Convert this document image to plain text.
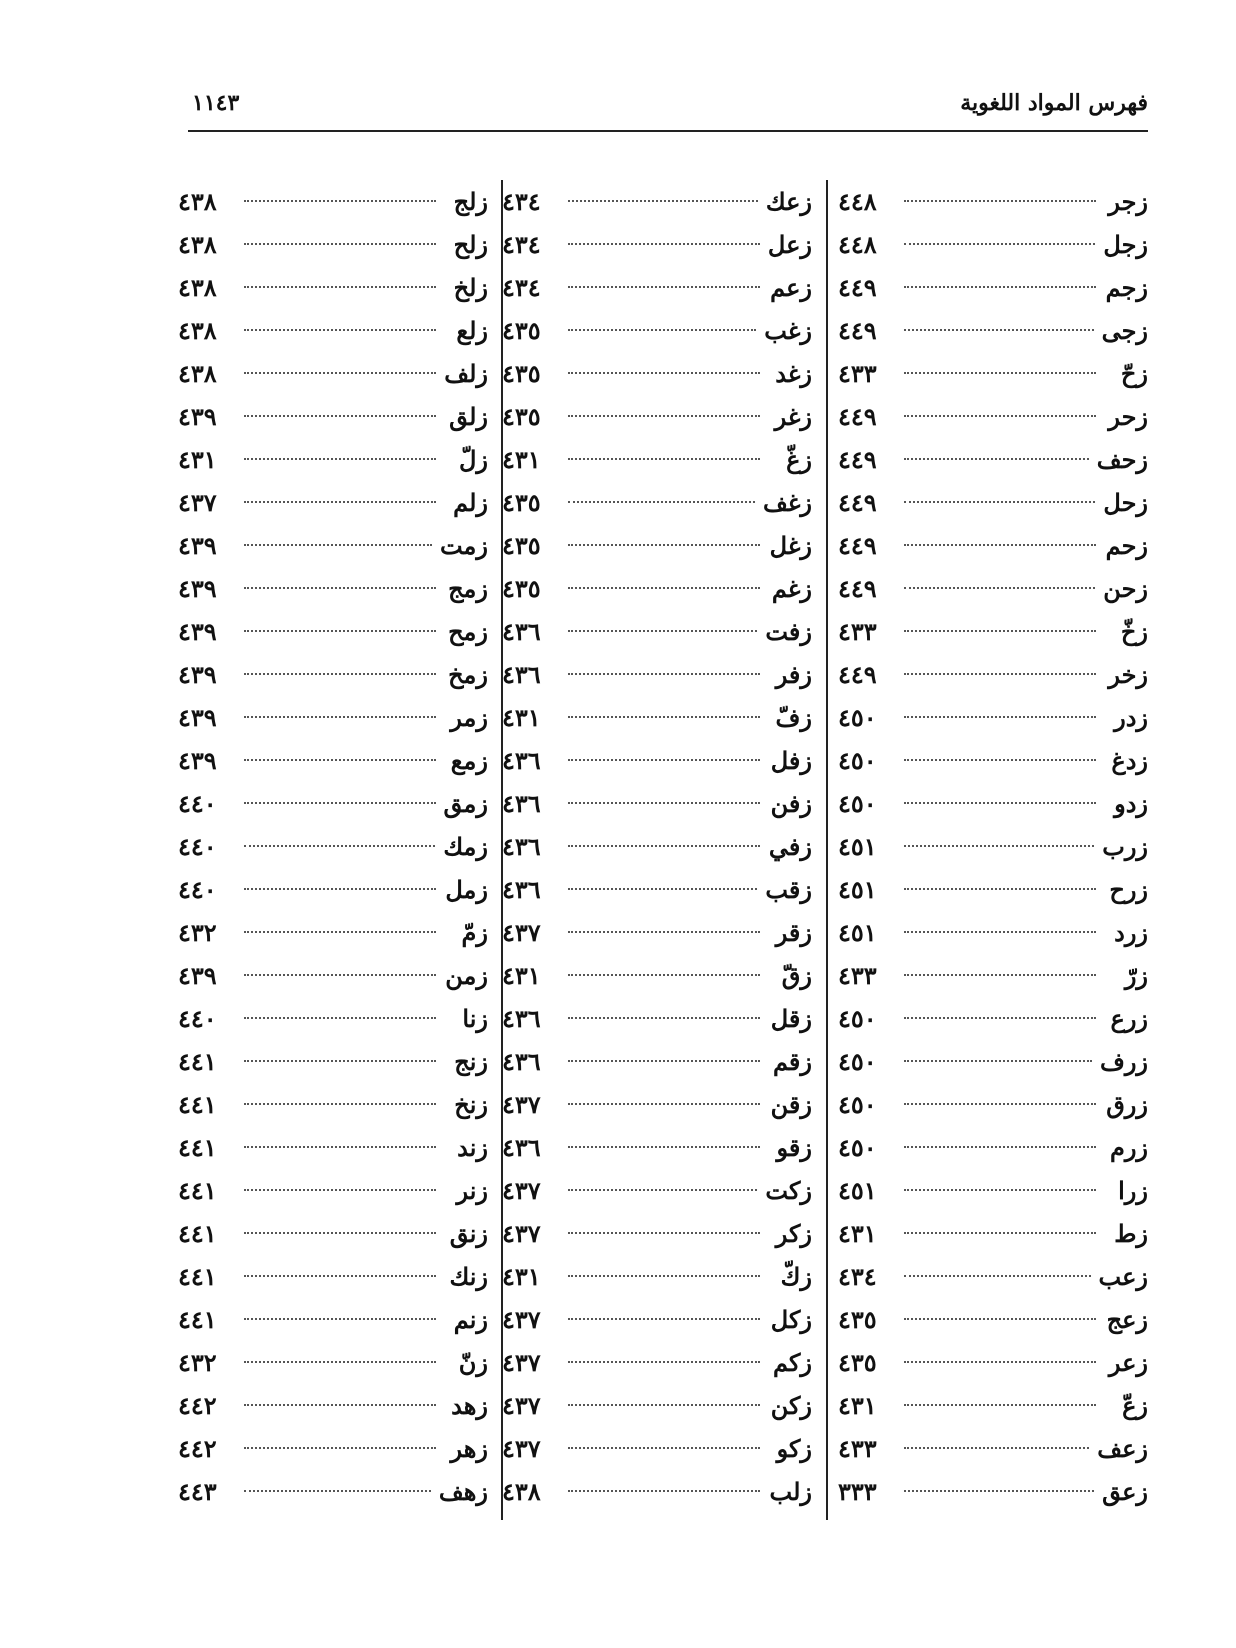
فهرس المواد اللغوية
١١٤٣
زجر
٤٤٨
زجل
٤٤٨
زجم
٤٤٩
زجى
٤٤٩
زحّ
٤٣٣
زحر
٤٤٩
زحف
٤٤٩
زحل
٤٤٩
زحم
٤٤٩
زحن
٤٤٩
زخّ
٤٣٣
زخر
٤٤٩
زدر
٤٥٠
زدغ
٤٥٠
زدو
٤٥٠
زرب
٤٥١
زرح
٤٥١
زرد
٤٥١
زرّ
٤٣٣
زرع
٤٥٠
زرف
٤٥٠
زرق
٤٥٠
زرم
٤٥٠
زرا
٤٥١
زط
٤٣١
زعب
٤٣٤
زعج
٤٣٥
زعر
٤٣٥
زعّ
٤٣١
زعف
٤٣٣
زعق
٣٣٣
زعك
٤٣٤
زعل
٤٣٤
زعم
٤٣٤
زغب
٤٣٥
زغد
٤٣٥
زغر
٤٣٥
زغّ
٤٣١
زغف
٤٣٥
زغل
٤٣٥
زغم
٤٣٥
زفت
٤٣٦
زفر
٤٣٦
زفّ
٤٣١
زفل
٤٣٦
زفن
٤٣٦
زفي
٤٣٦
زقب
٤٣٦
زقر
٤٣٧
زقّ
٤٣١
زقل
٤٣٦
زقم
٤٣٦
زقن
٤٣٧
زقو
٤٣٦
زكت
٤٣٧
زكر
٤٣٧
زكّ
٤٣١
زكل
٤٣٧
زكم
٤٣٧
زكن
٤٣٧
زكو
٤٣٧
زلب
٤٣٨
زلج
٤٣٨
زلح
٤٣٨
زلخ
٤٣٨
زلع
٤٣٨
زلف
٤٣٨
زلق
٤٣٩
زلّ
٤٣١
زلم
٤٣٧
زمت
٤٣٩
زمج
٤٣٩
زمح
٤٣٩
زمخ
٤٣٩
زمر
٤٣٩
زمع
٤٣٩
زمق
٤٤٠
زمك
٤٤٠
زمل
٤٤٠
زمّ
٤٣٢
زمن
٤٣٩
زنا
٤٤٠
زنج
٤٤١
زنخ
٤٤١
زند
٤٤١
زنر
٤٤١
زنق
٤٤١
زنك
٤٤١
زنم
٤٤١
زنّ
٤٣٢
زهد
٤٤٢
زهر
٤٤٢
زهف
٤٤٣
